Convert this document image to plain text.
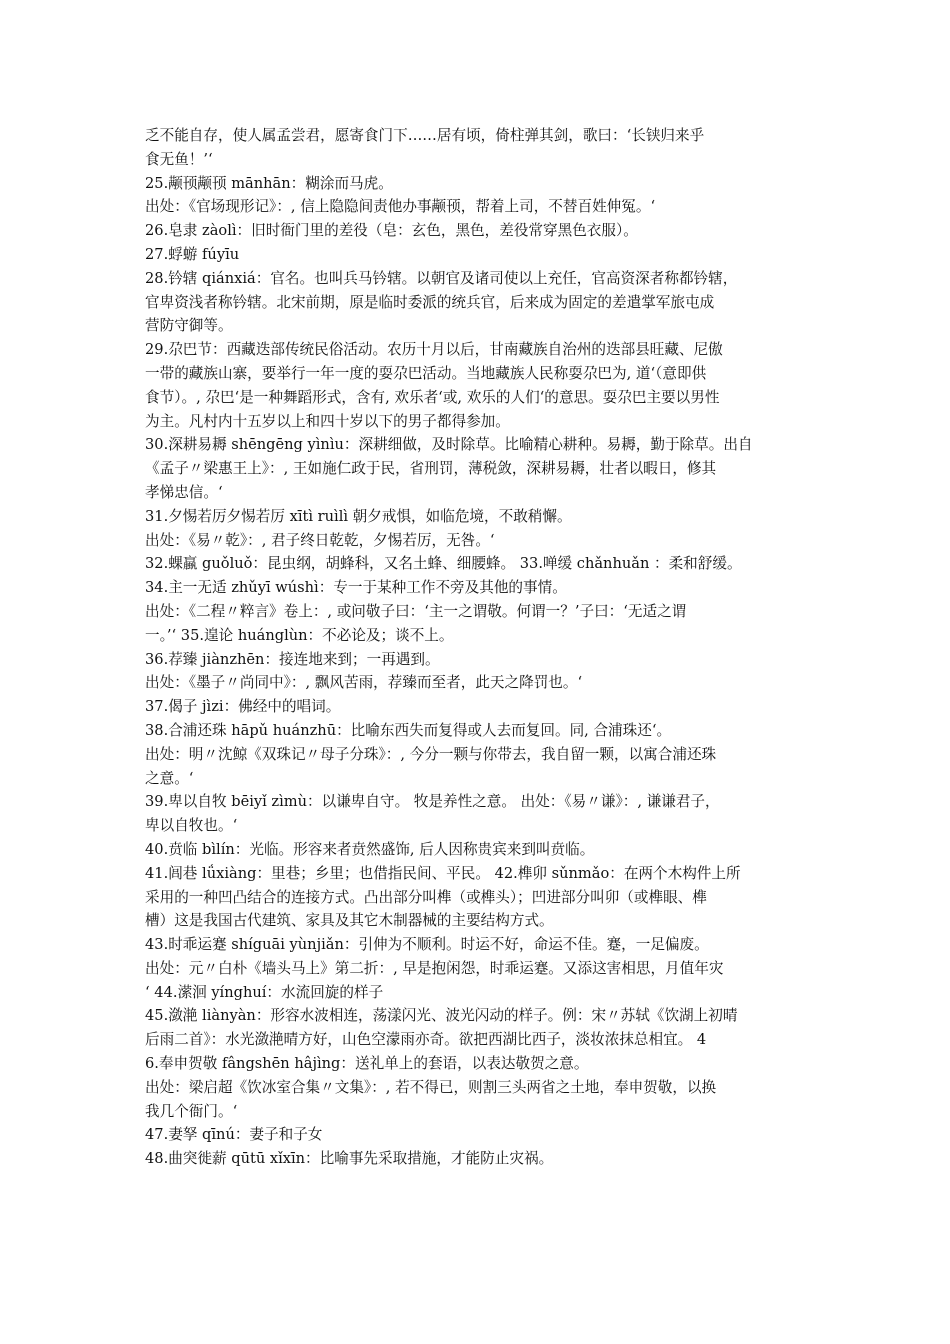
乏不能自存，使人属孟尝君，愿寄食门下……居有顷，倚柱弹其剑，歌曰：‘长铗归来乎
食无鱼！’‘
25.颟顸颟顸 mānhān：糊涂而马虎。
出处：《官场现形记》：, 信上隐隐间责他办事颟顸，帮着上司，不替百姓伸冤。‘
26.皂隶 zàolì：旧时衙门里的差役（皂：玄色，黑色，差役常穿黑色衣服）。
27.蜉蝣 fúyīu
28.钤辖 qiánxiá：官名。也叫兵马钤辖。以朝官及诸司使以上充任，官高资深者称都钤辖，
官卑资浅者称钤辖。北宋前期，原是临时委派的统兵官，后来成为固定的差遣掌军旅屯成
营防守御等。
29.尕巴节：西藏迭部传统民俗活动。农历十月以后，甘南藏族自治州的迭部县旺藏、尼傲
一带的藏族山寨，要举行一年一度的耍尕巴活动。当地藏族人民称耍尕巴为, 道‘（意即供
食节）。, 尕巴‘是一种舞蹈形式，含有, 欢乐者‘或, 欢乐的人们‘的意思。耍尕巴主要以男性
为主。凡村内十五岁以上和四十岁以下的男子都得参加。
30.深耕易耨 shēngēng yìnìu：深耕细做，及时除草。比喻精心耕种。易耨，勤于除草。出自
《孟子〃梁惠王上》：, 王如施仁政于民，省刑罚，薄税敛，深耕易耨，壮者以暇日，修其
孝悌忠信。‘
31.夕惕若厉夕惕若厉 xītì ruìlì 朝夕戒惧，如临危境，不敢稍懈。
出处：《易〃乾》：, 君子终日乾乾，夕惕若厉，无咎。‘
32.蜾蠃 guǒluǒ：昆虫纲，胡蜂科，又名土蜂、细腰蜂。 33.啴缓 chǎnhuǎn ：柔和舒缓。
34.主一无适 zhǔyī wúshì：专一于某种工作不旁及其他的事情。
出处：《二程〃粹言》卷上：, 或问敬子曰：‘主一之谓敬。何谓一？’子曰：‘无适之谓
一。’‘ 35.遑论 huánglùn：不必论及；谈不上。
36.荐臻 jiànzhēn：接连地来到；一再遇到。
出处：《墨子〃尚同中》：, 飘风苦雨，荐臻而至者，此天之降罚也。‘
37.偈子 jìzi：佛经中的唱词。
38.合浦还珠 hāpǔ huánzhū：比喻东西失而复得或人去而复回。同, 合浦珠还‘。
出处：明〃沈鲸《双珠记〃母子分珠》：, 今分一颗与你带去，我自留一颗，以寓合浦还珠
之意。‘
39.卑以自牧 bēiyǐ zìmù：以谦卑自守。 牧是养性之意。 出处：《易〃谦》：, 谦谦君子，
卑以自牧也。‘
40.贲临 bìlín：光临。形容来者贲然盛饰, 后人因称贵宾来到叫贲临。
41.闾巷 lǘxiàng：里巷；乡里；也借指民间、平民。 42.榫卯 sǔnmǎo：在两个木构件上所
采用的一种凹凸结合的连接方式。凸出部分叫榫（或榫头）；凹进部分叫卯（或榫眼、榫
槽）这是我国古代建筑、家具及其它木制器械的主要结构方式。
43.时乖运蹇 shíguāi yùnjiǎn：引伸为不顺利。时运不好，命运不佳。蹇，一足偏废。
出处：元〃白朴《墙头马上》第二折：, 早是抱闲怨，时乖运蹇。又添这害相思，月值年灾
‘ 44.潆洄 yínghuí：水流回旋的样子
45.潋滟 liànyàn：形容水波相连，荡漾闪光、波光闪动的样子。例：宋〃苏轼《饮湖上初晴
后雨二首》：水光潋滟晴方好，山色空濛雨亦奇。欲把西湖比西子，淡妆浓抹总相宜。 4
6.奉申贺敬 fângshēn hâjìng：送礼单上的套语，以表达敬贺之意。
出处：梁启超《饮冰室合集〃文集》：, 若不得已，则割三头两省之土地，奉申贺敬，以换
我几个衙门。‘
47.妻孥 qīnú：妻子和子女
48.曲突徙薪 qūtū xǐxīn：比喻事先采取措施，才能防止灾祸。
